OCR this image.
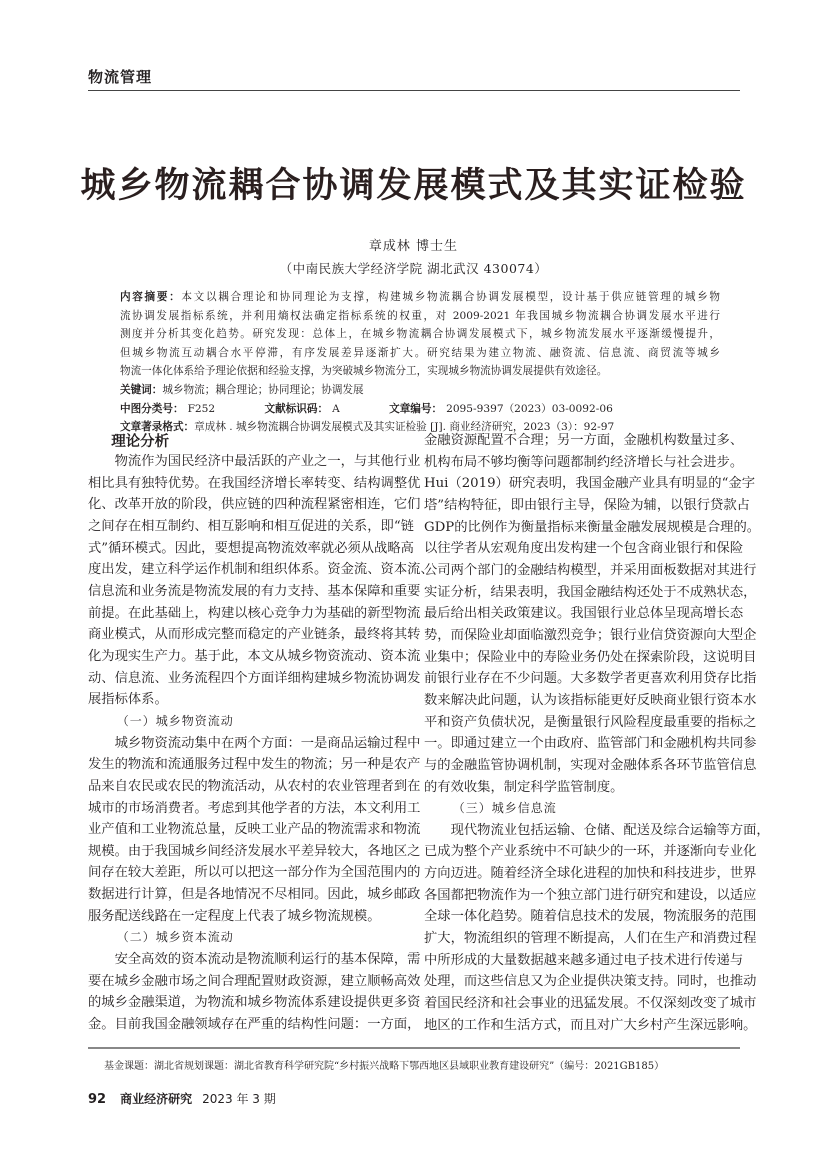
物流管理
城乡物流耦合协调发展模式及其实证检验
章成林 博士生
（中南民族大学经济学院 湖北武汉 430074）
内容摘要：本文以耦合理论和协同理论为支撑，构建城乡物流耦合协调发展模型，设计基于供应链管理的城乡物
流协调发展指标系统，并利用熵权法确定指标系统的权重，对 2009-2021 年我国城乡物流耦合协调发展水平进行
测度并分析其变化趋势。研究发现：总体上，在城乡物流耦合协调发展模式下，城乡物流发展水平逐渐缓慢提升，
但城乡物流互动耦合水平停滞，有序发展差异逐渐扩大。研究结果为建立物流、融资流、信息流、商贸流等城乡
物流一体化体系给予理论依据和经验支撑，为突破城乡物流分工，实现城乡物流协调发展提供有效途径。
关键词：城乡物流；耦合理论；协同理论；协调发展
中图分类号： F252	文献标识码： A	文章编号： 2095-9397（2023）03-0092-06
文章著录格式：章成林 . 城乡物流耦合协调发展模式及其实证检验 [J]. 商业经济研究，2023（3）：92-97
理论分析
物流作为国民经济中最活跃的产业之一，与其他行业
相比具有独特优势。在我国经济增长率转变、结构调整优
化、改革开放的阶段，供应链的四种流程紧密相连，它们
之间存在相互制约、相互影响和相互促进的关系，即“链
式”循环模式。因此，要想提高物流效率就必须从战略高
度出发，建立科学运作机制和组织体系。资金流、资本流、
信息流和业务流是物流发展的有力支持、基本保障和重要
前提。在此基础上，构建以核心竞争力为基础的新型物流
商业模式，从而形成完整而稳定的产业链条，最终将其转
化为现实生产力。基于此，本文从城乡物资流动、资本流
动、信息流、业务流程四个方面详细构建城乡物流协调发
展指标体系。
（一）城乡物资流动
城乡物资流动集中在两个方面：一是商品运输过程中
发生的物流和流通服务过程中发生的物流；另一种是农产
品来自农民或农民的物流活动，从农村的农业管理者到在
城市的市场消费者。考虑到其他学者的方法，本文利用工
业产值和工业物流总量，反映工业产品的物流需求和物流
规模。由于我国城乡间经济发展水平差异较大，各地区之
间存在较大差距，所以可以把这一部分作为全国范围内的
数据进行计算，但是各地情况不尽相同。因此，城乡邮政
服务配送线路在一定程度上代表了城乡物流规模。
（二）城乡资本流动
安全高效的资本流动是物流顺利运行的基本保障，需
要在城乡金融市场之间合理配置财政资源，建立顺畅高效
的城乡金融渠道，为物流和城乡物流体系建设提供更多资
金。目前我国金融领域存在严重的结构性问题：一方面，
金融资源配置不合理；另一方面，金融机构数量过多、
机构布局不够均衡等问题都制约经济增长与社会进步。
Hui（2019）研究表明，我国金融产业具有明显的“金字
塔”结构特征，即由银行主导，保险为辅，以银行贷款占
GDP的比例作为衡量指标来衡量金融发展规模是合理的。
以往学者从宏观角度出发构建一个包含商业银行和保险
公司两个部门的金融结构模型，并采用面板数据对其进行
实证分析，结果表明，我国金融结构还处于不成熟状态，
最后给出相关政策建议。我国银行业总体呈现高增长态
势，而保险业却面临激烈竞争；银行业信贷资源向大型企
业集中；保险业中的寿险业务仍处在探索阶段，这说明目
前银行业存在不少问题。大多数学者更喜欢利用贷存比指
数来解决此问题，认为该指标能更好反映商业银行资本水
平和资产负债状况，是衡量银行风险程度最重要的指标之
一。即通过建立一个由政府、监管部门和金融机构共同参
与的金融监管协调机制，实现对金融体系各环节监管信息
的有效收集，制定科学监管制度。
（三）城乡信息流
现代物流业包括运输、仓储、配送及综合运输等方面，
已成为整个产业系统中不可缺少的一环，并逐渐向专业化
方向迈进。随着经济全球化进程的加快和科技进步，世界
各国都把物流作为一个独立部门进行研究和建设，以适应
全球一体化趋势。随着信息技术的发展，物流服务的范围
扩大，物流组织的管理不断提高，人们在生产和消费过程
中所形成的大量数据越来越多通过电子技术进行传递与
处理，而这些信息又为企业提供决策支持。同时，也推动
着国民经济和社会事业的迅猛发展。不仅深刻改变了城市
地区的工作和生活方式，而且对广大乡村产生深远影响。
基金课题：湖北省规划课题：湖北省教育科学研究院“乡村振兴战略下鄂西地区县域职业教育建设研究”（编号：2021GB185）
92 商业经济研究 2023 年 3 期
